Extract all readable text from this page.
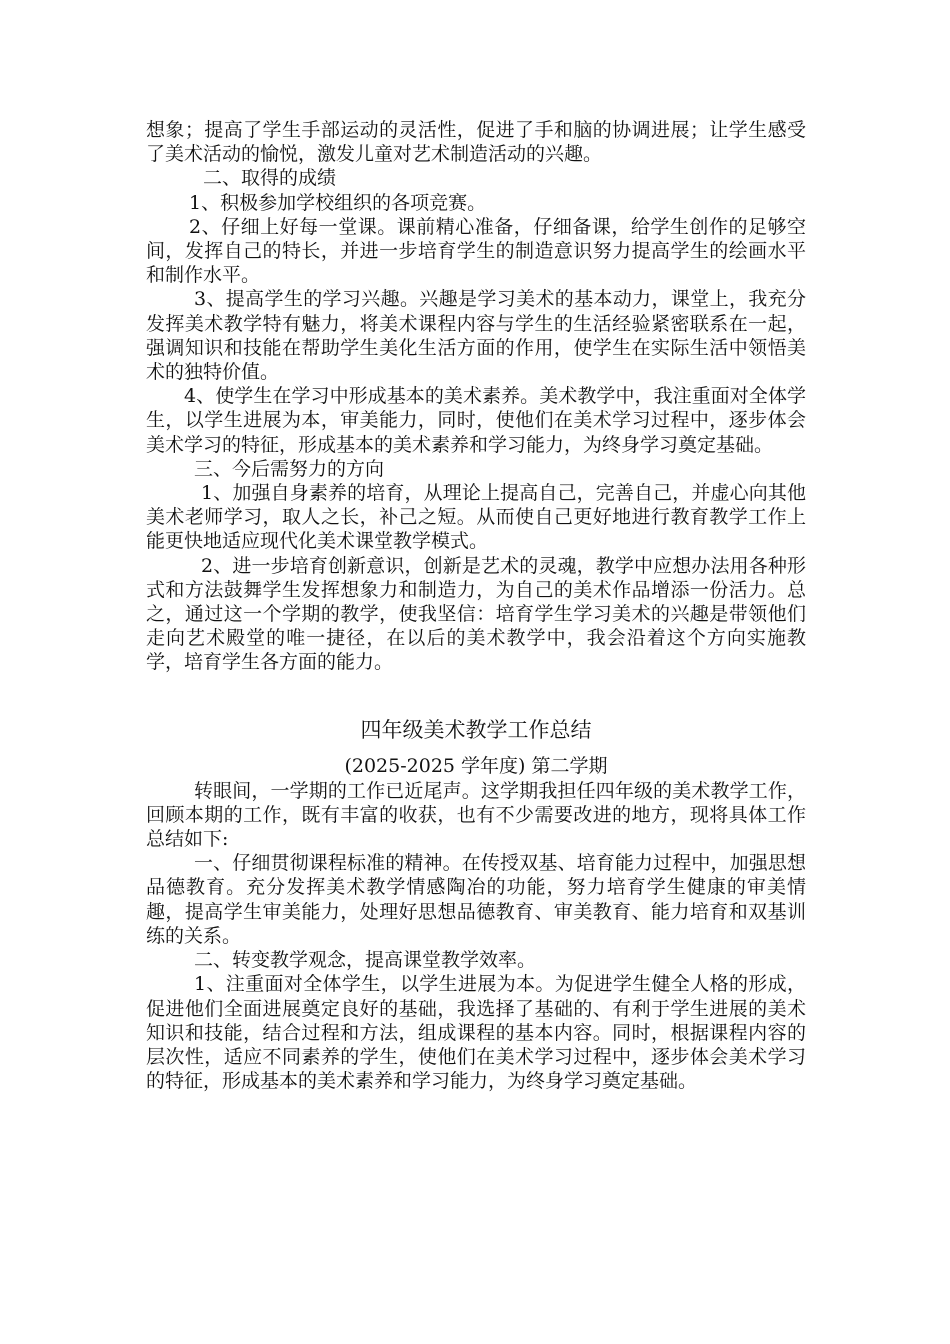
想象；提高了学生手部运动的灵活性，促进了手和脑的协调进展；让学生感受了美术活动的愉悦，激发儿童对艺术制造活动的兴趣。

二、取得的成绩

1、积极参加学校组织的各项竞赛。

2、仔细上好每一堂课。课前精心准备，仔细备课，给学生创作的足够空间，发挥自己的特长，并进一步培育学生的制造意识努力提高学生的绘画水平和制作水平。

3、提高学生的学习兴趣。兴趣是学习美术的基本动力，课堂上，我充分发挥美术教学特有魅力，将美术课程内容与学生的生活经验紧密联系在一起，强调知识和技能在帮助学生美化生活方面的作用，使学生在实际生活中领悟美术的独特价值。

4、使学生在学习中形成基本的美术素养。美术教学中，我注重面对全体学生，以学生进展为本，审美能力，同时，使他们在美术学习过程中，逐步体会美术学习的特征，形成基本的美术素养和学习能力，为终身学习奠定基础。

三、今后需努力的方向

1、加强自身素养的培育，从理论上提高自己，完善自己，并虚心向其他美术老师学习，取人之长，补己之短。从而使自己更好地进行教育教学工作上 能更快地适应现代化美术课堂教学模式。

2、进一步培育创新意识，创新是艺术的灵魂，教学中应想办法用各种形式和方法鼓舞学生发挥想象力和制造力，为自己的美术作品增添一份活力。总之，通过这一个学期的教学，使我坚信：培育学生学习美术的兴趣是带领他们走向艺术殿堂的唯一捷径，在以后的美术教学中，我会沿着这个方向实施教学，培育学生各方面的能力。

四年级美术教学工作总结

(2025-2025 学年度) 第二学期

转眼间，一学期的工作已近尾声。这学期我担任四年级的美术教学工作，回顾本期的工作，既有丰富的收获，也有不少需要改进的地方，现将具体工作总结如下:

一、仔细贯彻课程标准的精神。在传授双基、培育能力过程中，加强思想品德教育。充分发挥美术教学情感陶冶的功能，努力培育学生健康的审美情趣，提高学生审美能力，处理好思想品德教育、审美教育、能力培育和双基训练的关系。

二、转变教学观念，提高课堂教学效率。

1、注重面对全体学生，以学生进展为本。为促进学生健全人格的形成，促进他们全面进展奠定良好的基础，我选择了基础的、有利于学生进展的美术知识和技能，结合过程和方法，组成课程的基本内容。同时，根据课程内容的层次性，适应不同素养的学生，使他们在美术学习过程中，逐步体会美术学习的特征，形成基本的美术素养和学习能力，为终身学习奠定基础。
